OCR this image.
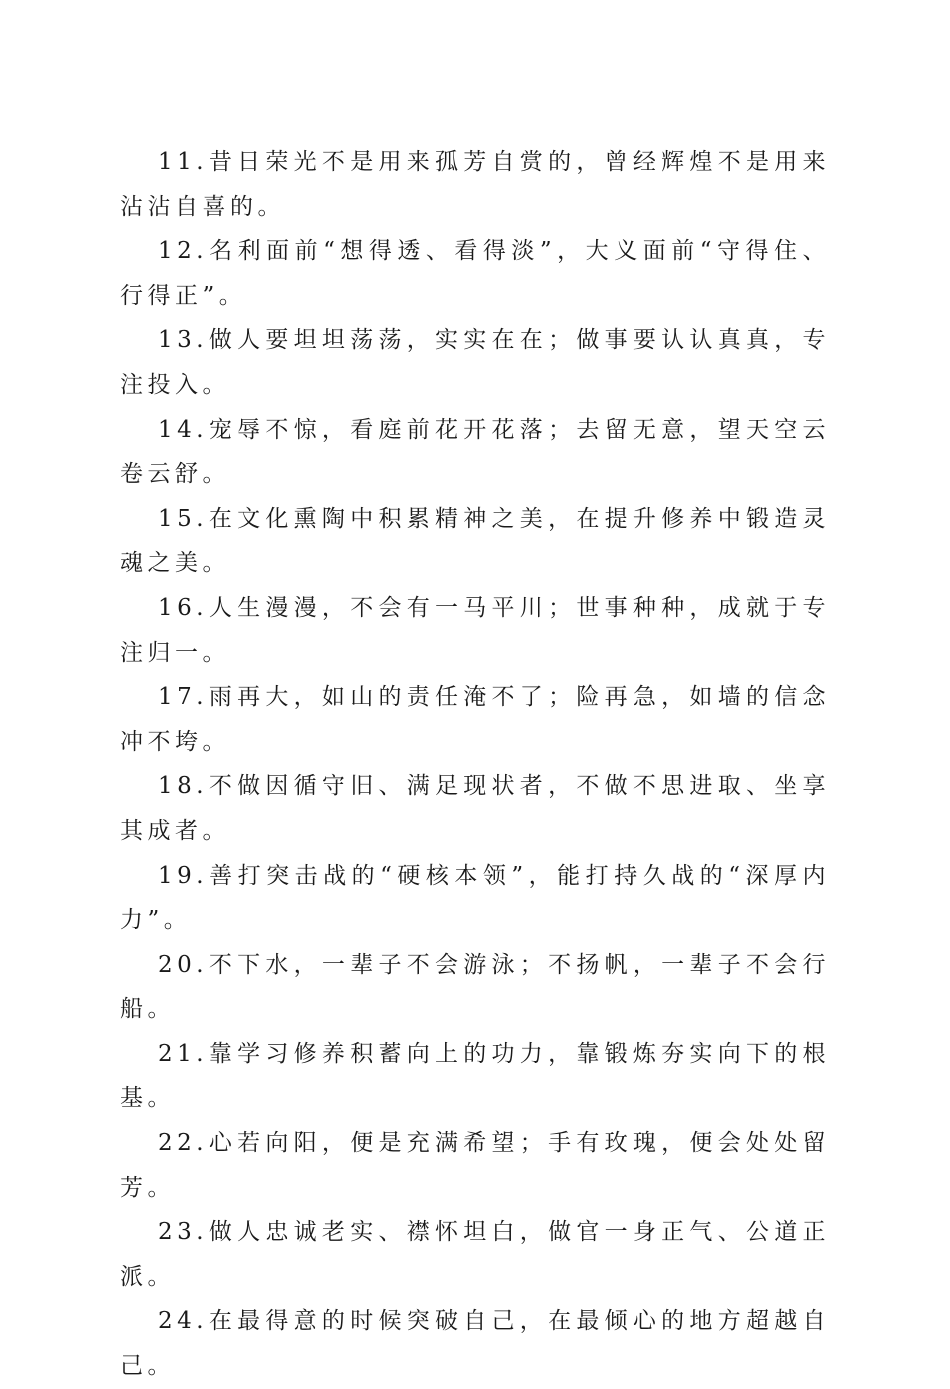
11.昔日荣光不是用来孤芳自赏的，曾经辉煌不是用来沾沾自喜的。

12.名利面前“想得透、看得淡”，大义面前“守得住、行得正”。

13.做人要坦坦荡荡，实实在在；做事要认认真真，专注投入。

14.宠辱不惊，看庭前花开花落；去留无意，望天空云卷云舒。

15.在文化熏陶中积累精神之美，在提升修养中锻造灵魂之美。

16.人生漫漫，不会有一马平川；世事种种，成就于专注归一。

17.雨再大，如山的责任淹不了；险再急，如墙的信念冲不垮。

18.不做因循守旧、满足现状者，不做不思进取、坐享其成者。

19.善打突击战的“硬核本领”，能打持久战的“深厚内力”。

20.不下水，一辈子不会游泳；不扬帆，一辈子不会行船。

21.靠学习修养积蓄向上的功力，靠锻炼夯实向下的根基。

22.心若向阳，便是充满希望；手有玫瑰，便会处处留芳。

23.做人忠诚老实、襟怀坦白，做官一身正气、公道正派。

24.在最得意的时候突破自己，在最倾心的地方超越自己。
